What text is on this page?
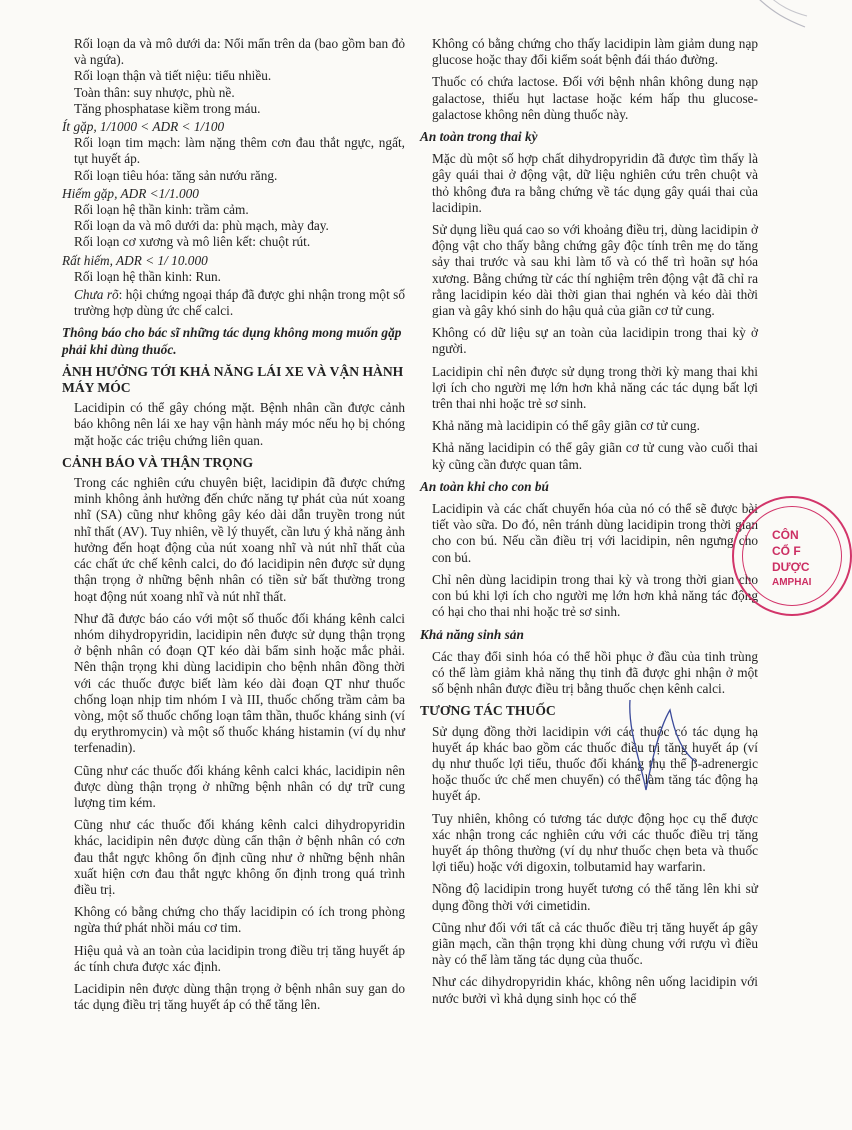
Rối loạn da và mô dưới da: Nổi mẩn trên da (bao gồm ban đỏ và ngứa).

Rối loạn thận và tiết niệu: tiểu nhiều.

Toàn thân: suy nhược, phù nề.

Tăng phosphatase kiềm trong máu.

Ít gặp, 1/1000 < ADR < 1/100

Rối loạn tim mạch: làm nặng thêm cơn đau thắt ngực, ngất, tụt huyết áp.

Rối loạn tiêu hóa: tăng sản nướu răng.

Hiếm gặp, ADR <1/1.000

Rối loạn hệ thần kinh: trầm cảm.

Rối loạn da và mô dưới da: phù mạch, mày đay.

Rối loạn cơ xương và mô liên kết: chuột rút.

Rất hiếm, ADR < 1/ 10.000

Rối loạn hệ thần kinh: Run.

Chưa rõ: hội chứng ngoại tháp đã được ghi nhận trong một số trường hợp dùng ức chế calci.

Thông báo cho bác sĩ những tác dụng không mong muốn gặp phải khi dùng thuốc.

ẢNH HƯỞNG TỚI KHẢ NĂNG LÁI XE VÀ VẬN HÀNH MÁY MÓC

Lacidipin có thể gây chóng mặt. Bệnh nhân cần được cảnh báo không nên lái xe hay vận hành máy móc nếu họ bị chóng mặt hoặc các triệu chứng liên quan.

CẢNH BÁO VÀ THẬN TRỌNG

Trong các nghiên cứu chuyên biệt, lacidipin đã được chứng minh không ảnh hưởng đến chức năng tự phát của nút xoang nhĩ (SA) cũng như không gây kéo dài dẫn truyền trong nút nhĩ thất (AV). Tuy nhiên, về lý thuyết, cần lưu ý khả năng ảnh hưởng đến hoạt động của nút xoang nhĩ và nút nhĩ thất của các chất ức chế kênh calci, do đó lacidipin nên được sử dụng thận trọng ở những bệnh nhân có tiền sử bất thường trong hoạt động nút xoang nhĩ và nút nhĩ thất.

Như đã được báo cáo với một số thuốc đối kháng kênh calci nhóm dihydropyridin, lacidipin nên được sử dụng thận trọng ở bệnh nhân có đoạn QT kéo dài bẩm sinh hoặc mắc phải. Nên thận trọng khi dùng lacidipin cho bệnh nhân đồng thời với các thuốc được biết làm kéo dài đoạn QT như thuốc chống loạn nhịp tim nhóm I và III, thuốc chống trầm cảm ba vòng, một số thuốc chống loạn tâm thần, thuốc kháng sinh (ví dụ erythromycin) và một số thuốc kháng histamin (ví dụ như terfenadin).

Cũng như các thuốc đối kháng kênh calci khác, lacidipin nên được dùng thận trọng ở những bệnh nhân có dự trữ cung lượng tim kém.

Cũng như các thuốc đối kháng kênh calci dihydropyridin khác, lacidipin nên được dùng cẩn thận ở bệnh nhân có cơn đau thắt ngực không ổn định cũng như ở những bệnh nhân xuất hiện cơn đau thắt ngực không ổn định trong quá trình điều trị.

Không có bằng chứng cho thấy lacidipin có ích trong phòng ngừa thứ phát nhồi máu cơ tim.

Hiệu quả và an toàn của lacidipin trong điều trị tăng huyết áp ác tính chưa được xác định.

Lacidipin nên được dùng thận trọng ở bệnh nhân suy gan do tác dụng điều trị tăng huyết áp có thể tăng lên.

Không có bằng chứng cho thấy lacidipin làm giảm dung nạp glucose hoặc thay đổi kiểm soát bệnh đái tháo đường.

Thuốc có chứa lactose. Đối với bệnh nhân không dung nạp galactose, thiếu hụt lactase hoặc kém hấp thu glucose-galactose không nên dùng thuốc này.

An toàn trong thai kỳ

Mặc dù một số hợp chất dihydropyridin đã được tìm thấy là gây quái thai ở động vật, dữ liệu nghiên cứu trên chuột và thỏ không đưa ra bằng chứng về tác dụng gây quái thai của lacidipin.

Sử dụng liều quá cao so với khoảng điều trị, dùng lacidipin ở động vật cho thấy bằng chứng gây độc tính trên mẹ do tăng sảy thai trước và sau khi làm tổ và có thể trì hoãn sự hóa xương. Bằng chứng từ các thí nghiệm trên động vật đã chỉ ra rằng lacidipin kéo dài thời gian thai nghén và kéo dài thời gian và gây khó sinh do hậu quả của giãn cơ tử cung.

Không có dữ liệu sự an toàn của lacidipin trong thai kỳ ở người.

Lacidipin chỉ nên được sử dụng trong thời kỳ mang thai khi lợi ích cho người mẹ lớn hơn khả năng các tác dụng bất lợi trên thai nhi hoặc trẻ sơ sinh.

Khả năng mà lacidipin có thể gây giãn cơ tử cung.

Khả năng lacidipin có thể gây giãn cơ tử cung vào cuối thai kỳ cũng cần được quan tâm.

An toàn khi cho con bú

Lacidipin và các chất chuyển hóa của nó có thể sẽ được bài tiết vào sữa. Do đó, nên tránh dùng lacidipin trong thời gian cho con bú. Nếu cần điều trị với lacidipin, nên ngưng cho con bú.

Chỉ nên dùng lacidipin trong thai kỳ và trong thời gian cho con bú khi lợi ích cho người mẹ lớn hơn khả năng tác động có hại cho thai nhi hoặc trẻ sơ sinh.

Khả năng sinh sản

Các thay đổi sinh hóa có thể hồi phục ở đầu của tinh trùng có thể làm giảm khả năng thụ tinh đã được ghi nhận ở một số bệnh nhân được điều trị bằng thuốc chẹn kênh calci.

TƯƠNG TÁC THUỐC

Sử dụng đồng thời lacidipin với các thuốc có tác dụng hạ huyết áp khác bao gồm các thuốc điều trị tăng huyết áp (ví dụ như thuốc lợi tiểu, thuốc đối kháng thụ thể β-adrenergic hoặc thuốc ức chế men chuyển) có thể làm tăng tác động hạ huyết áp.

Tuy nhiên, không có tương tác dược động học cụ thể được xác nhận trong các nghiên cứu với các thuốc điều trị tăng huyết áp thông thường (ví dụ như thuốc chẹn beta và thuốc lợi tiểu) hoặc với digoxin, tolbutamid hay warfarin.

Nồng độ lacidipin trong huyết tương có thể tăng lên khi sử dụng đồng thời với cimetidin.

Cũng như đối với tất cả các thuốc điều trị tăng huyết áp gây giãn mạch, cần thận trọng khi dùng chung với rượu vì điều này có thể làm tăng tác dụng của thuốc.

Như các dihydropyridin khác, không nên uống lacidipin với nước bưởi vì khả dụng sinh học có thể

CÔN
CỔ F
DƯỢC
AMPHAI
